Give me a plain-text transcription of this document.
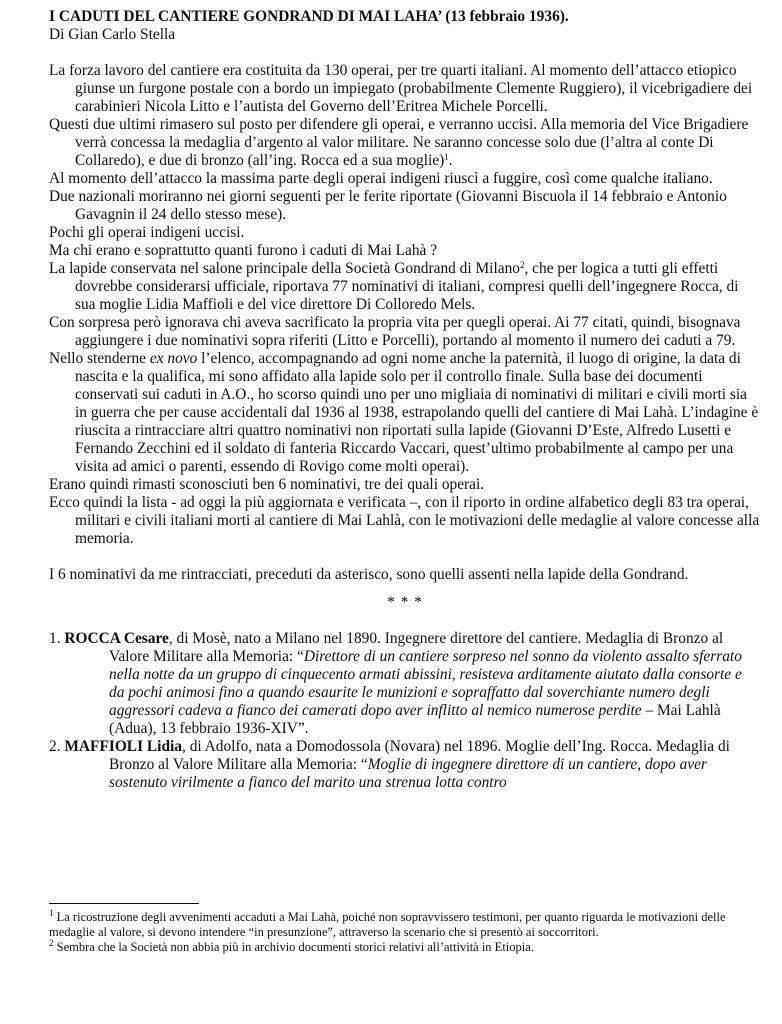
I CADUTI DEL CANTIERE GONDRAND DI MAI LAHA’ (13 febbraio 1936).
Di Gian Carlo Stella

La forza lavoro del cantiere era costituita da 130 operai, per tre quarti italiani. Al momento dell’attacco etiopico giunse un furgone postale con a bordo un impiegato (probabilmente Clemente Ruggiero), il vicebrigadiere dei carabinieri Nicola Litto e l’autista del Governo dell’Eritrea Michele Porcelli.

Questi due ultimi rimasero sul posto per difendere gli operai, e verranno uccisi. Alla memoria del Vice Brigadiere verrà concessa la medaglia d’argento al valor militare. Ne saranno concesse solo due (l’altra al conte Di Collaredo), e due di bronzo (all’ing. Rocca ed a sua moglie)$^1$.

Al momento dell’attacco la massima parte degli operai indigeni riuscì a fuggire, così come qualche italiano.

Due nazionali moriranno nei giorni seguenti per le ferite riportate (Giovanni Biscuola il 14 febbraio e Antonio Gavagnin il 24 dello stesso mese).

Pochi gli operai indigeni uccisi.

Ma chi erano e soprattutto quanti furono i caduti di Mai Lahà ?

La lapide conservata nel salone principale della Società Gondrand di Milano$^2$, che per logica a tutti gli effetti dovrebbe considerarsi ufficiale, riportava 77 nominativi di italiani, compresi quelli dell’ingegnere Rocca, di sua moglie Lidia Maffioli e del vice direttore Di Colloredo Mels.

Con sorpresa però ignorava chi aveva sacrificato la propria vita per quegli operai. Ai 77 citati, quindi, bisognava aggiungere i due nominativi sopra riferiti (Litto e Porcelli), portando al momento il numero dei caduti a 79.

Nello stenderne ex novo l’elenco, accompagnando ad ogni nome anche la paternità, il luogo di origine, la data di nascita e la qualifica, mi sono affidato alla lapide solo per il controllo finale. Sulla base dei documenti conservati sui caduti in A.O., ho scorso quindi uno per uno migliaia di nominativi di militari e civili morti sia in guerra che per cause accidentali dal 1936 al 1938, estrapolando quelli del cantiere di Mai Lahà. L’indagine è riuscita a rintracciare altri quattro nominativi non riportati sulla lapide (Giovanni D’Este, Alfredo Lusetti e Fernando Zecchini ed il soldato di fanteria Riccardo Vaccari, quest’ultimo probabilmente al campo per una visita ad amici o parenti, essendo di Rovigo come molti operai).

Erano quindi rimasti sconosciuti ben 6 nominativi, tre dei quali operai.

Ecco quindi la lista - ad oggi la più aggiornata e verificata –, con il riporto in ordine alfabetico degli 83 tra operai, militari e civili italiani morti al cantiere di Mai Lahlà, con le motivazioni delle medaglie al valore concesse alla memoria.

I 6 nominativi da me rintracciati, preceduti da asterisco, sono quelli assenti nella lapide della Gondrand.

* * *

1. ROCCA Cesare, di Mosè, nato a Milano nel 1890. Ingegnere direttore del cantiere. Medaglia di Bronzo al Valore Militare alla Memoria: “Direttore di un cantiere sorpreso nel sonno da violento assalto sferrato nella notte da un gruppo di cinquecento armati abissini, resisteva arditamente aiutato dalla consorte e da pochi animosi fino a quando esaurite le munizioni e sopraffatto dal soverchiante numero degli aggressori cadeva a fianco dei camerati dopo aver inflitto al nemico numerose perdite – Mai Lahlà (Adua), 13 febbraio 1936-XIV”.

2. MAFFIOLI Lidia, di Adolfo, nata a Domodossola (Novara) nel 1896. Moglie dell’Ing. Rocca. Medaglia di Bronzo al Valore Militare alla Memoria: “Moglie di ingegnere direttore di un cantiere, dopo aver sostenuto virilmente a fianco del marito una strenua lotta contro

$^1$ La ricostruzione degli avvenimenti accaduti a Mai Lahà, poiché non sopravvissero testimoni, per quanto riguarda le motivazioni delle medaglie al valore, si devono intendere “in presunzione”, attraverso la scenario che si presentò ai soccorritori.

$^2$ Sembra che la Società non abbia più in archivio documenti storici relativi all’attività in Etiopia.
